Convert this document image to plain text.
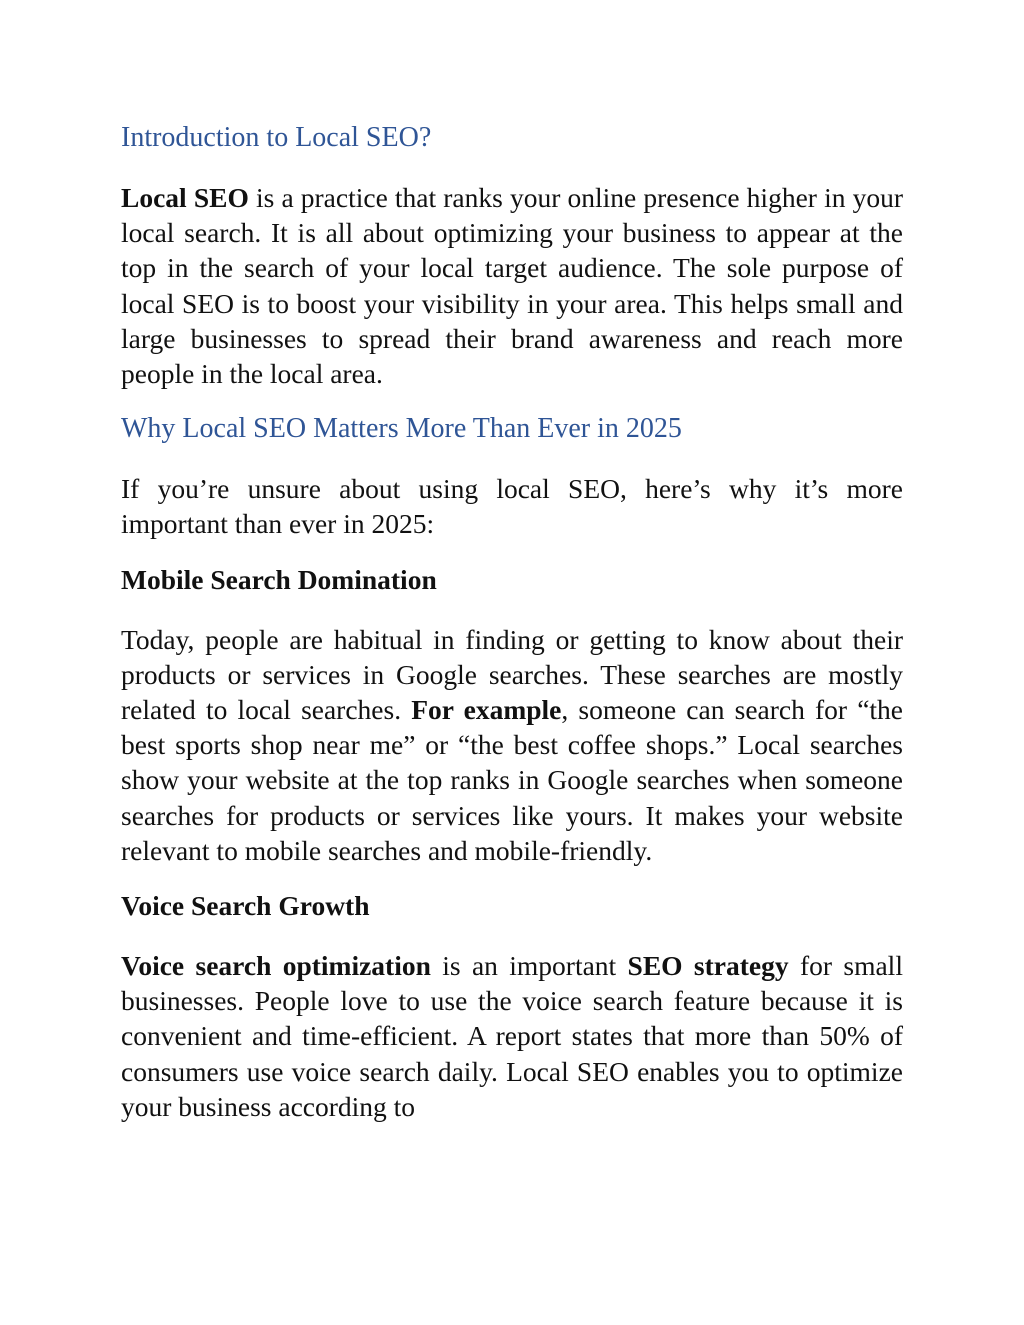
Introduction to Local SEO?

Local SEO is a practice that ranks your online presence higher in your local search. It is all about optimizing your business to appear at the top in the search of your local target audience. The sole purpose of local SEO is to boost your visibility in your area. This helps small and large businesses to spread their brand awareness and reach more people in the local area.

Why Local SEO Matters More Than Ever in 2025

If you’re unsure about using local SEO, here’s why it’s more important than ever in 2025:

Mobile Search Domination

Today, people are habitual in finding or getting to know about their products or services in Google searches. These searches are mostly related to local searches. For example, someone can search for “the best sports shop near me” or “the best coffee shops.” Local searches show your website at the top ranks in Google searches when someone searches for products or services like yours. It makes your website relevant to mobile searches and mobile-friendly.

Voice Search Growth

Voice search optimization is an important SEO strategy for small businesses. People love to use the voice search feature because it is convenient and time-efficient. A report states that more than 50% of consumers use voice search daily. Local SEO enables you to optimize your business according to
